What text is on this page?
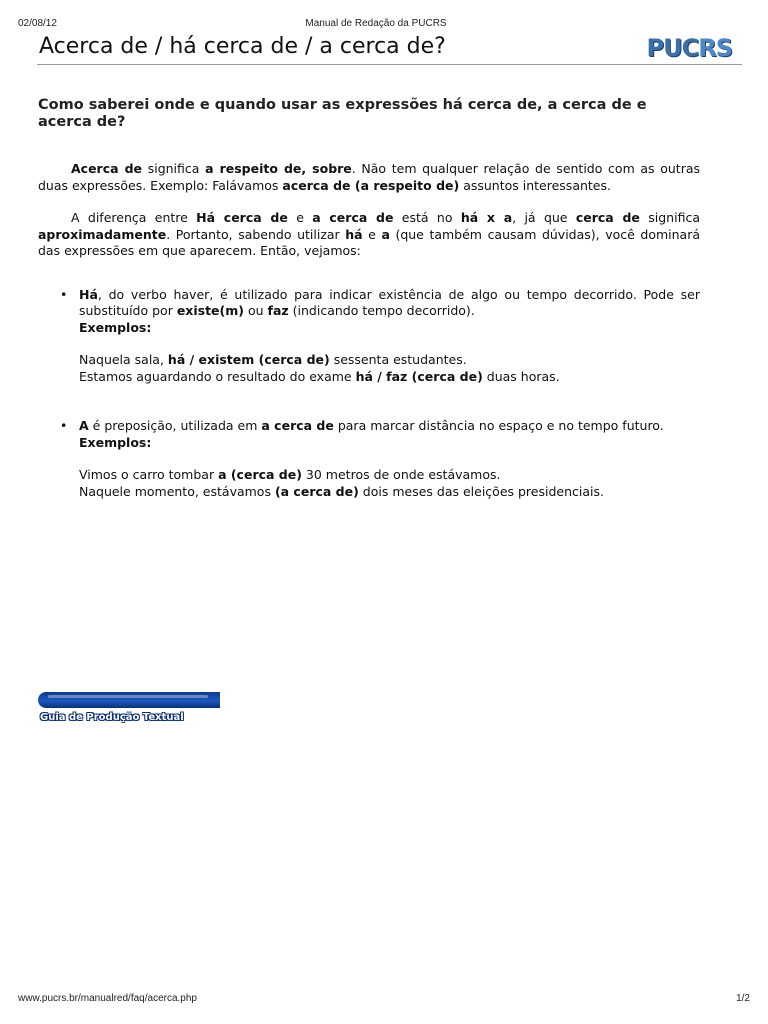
02/08/12	Manual de Redação da PUCRS
Acerca de / há cerca de / a cerca de?	PUCRS

Como saberei onde e quando usar as expressões há cerca de, a cerca de e acerca de?

Acerca de significa a respeito de, sobre. Não tem qualquer relação de sentido com as outras duas expressões. Exemplo: Falávamos acerca de (a respeito de) assuntos interessantes.

A diferença entre Há cerca de e a cerca de está no há x a, já que cerca de significa aproximadamente. Portanto, sabendo utilizar há e a (que também causam dúvidas), você dominará das expressões em que aparecem. Então, vejamos:

• Há, do verbo haver, é utilizado para indicar existência de algo ou tempo decorrido. Pode ser substituído por existe(m) ou faz (indicando tempo decorrido).
Exemplos:
Naquela sala, há / existem (cerca de) sessenta estudantes.
Estamos aguardando o resultado do exame há / faz (cerca de) duas horas.
• A é preposição, utilizada em a cerca de para marcar distância no espaço e no tempo futuro.
Exemplos:
Vimos o carro tombar a (cerca de) 30 metros de onde estávamos.
Naquele momento, estávamos (a cerca de) dois meses das eleições presidenciais.
Guia de Produção Textual
www.pucrs.br/manualred/faq/acerca.php	1/2
